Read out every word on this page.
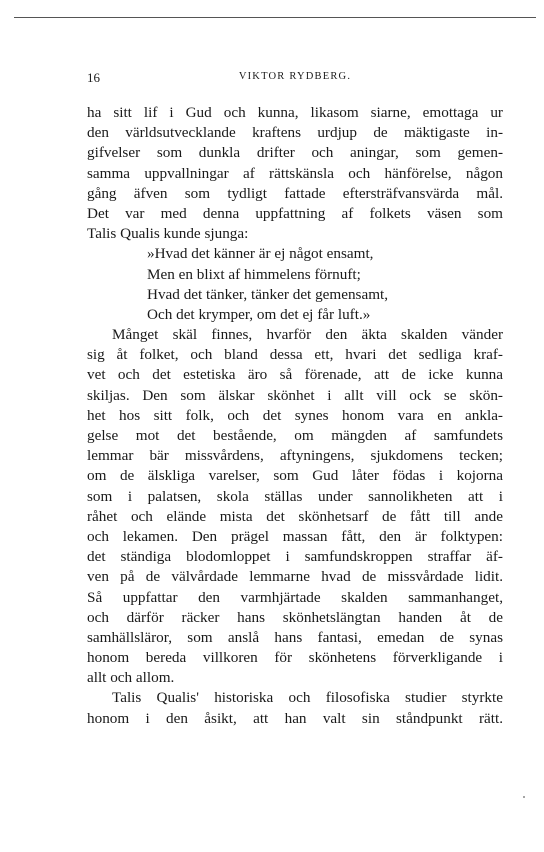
16	VIKTOR RYDBERG.
ha sitt lif i Gud och kunna, likasom siarne, emottaga ur
den världsutvecklande kraftens urdjup de mäktigaste in-
gifvelser som dunkla drifter och aningar, som gemen-
samma uppvallningar af rättskänsla och hänförelse, någon
gång äfven som tydligt fattade eftersträfvansvärda mål.
Det var med denna uppfattning af folkets väsen som
Talis Qualis kunde sjunga:
»Hvad det känner är ej något ensamt,
Men en blixt af himmelens förnuft;
Hvad det tänker, tänker det gemensamt,
Och det krymper, om det ej får luft.»
Månget skäl finnes, hvarför den äkta skalden vänder
sig åt folket, och bland dessa ett, hvari det sedliga kraf-
vet och det estetiska äro så förenade, att de icke kunna
skiljas. Den som älskar skönhet i allt vill ock se skön-
het hos sitt folk, och det synes honom vara en ankla-
gelse mot det bestående, om mängden af samfundets
lemmar bär missvårdens, aftyningens, sjukdomens tecken;
om de älskliga varelser, som Gud låter födas i kojorna
som i palatsen, skola ställas under sannolikheten att i
råhet och elände mista det skönhetsarf de fått till ande
och lekamen. Den prägel massan fått, den är folktypen:
det ständiga blodomloppet i samfundskroppen straffar äf-
ven på de välvårdade lemmarne hvad de missvårdade lidit.
Så uppfattar den varmhjärtade skalden sammanhanget,
och därför räcker hans skönhetslängtan handen åt de
samhällsläror, som anslå hans fantasi, emedan de synas
honom bereda villkoren för skönhetens förverkligande i
allt och allom.
Talis Qualis' historiska och filosofiska studier styrkte
honom i den åsikt, att han valt sin ståndpunkt rätt.
